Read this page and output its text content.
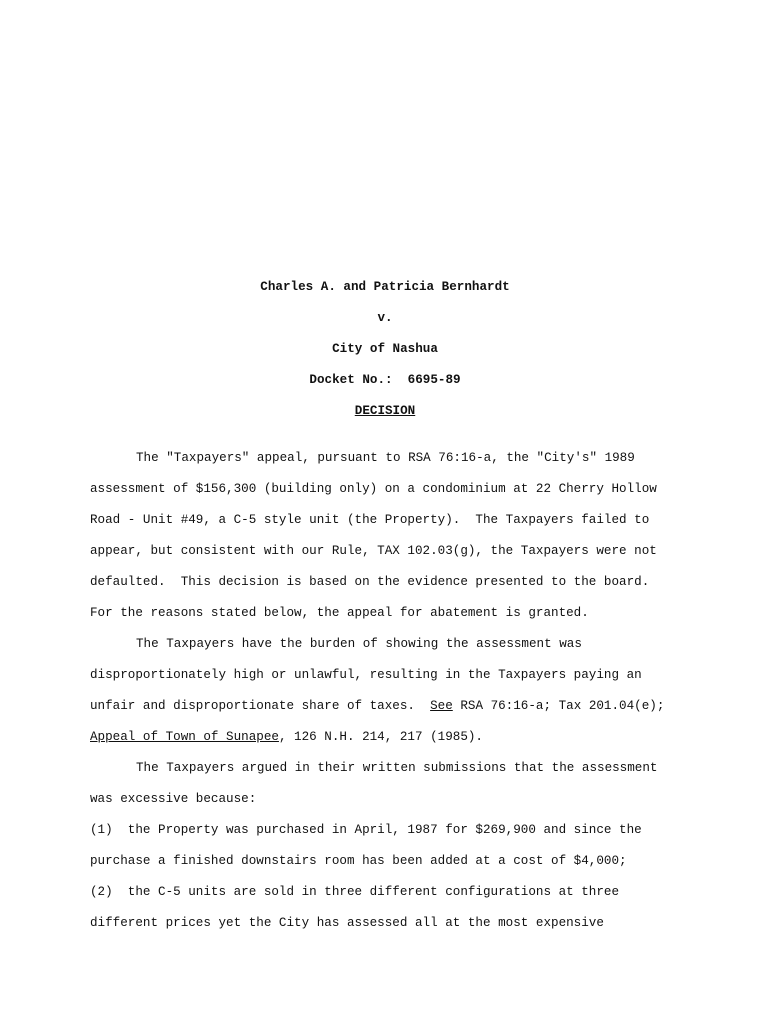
Charles A. and Patricia Bernhardt
v.
City of Nashua
Docket No.:  6695-89
DECISION
The "Taxpayers" appeal, pursuant to RSA 76:16-a, the "City's" 1989
assessment of $156,300 (building only) on a condominium at 22 Cherry Hollow
Road - Unit #49, a C-5 style unit (the Property).  The Taxpayers failed to
appear, but consistent with our Rule, TAX 102.03(g), the Taxpayers were not
defaulted.  This decision is based on the evidence presented to the board.
For the reasons stated below, the appeal for abatement is granted.
The Taxpayers have the burden of showing the assessment was
disproportionately high or unlawful, resulting in the Taxpayers paying an
unfair and disproportionate share of taxes.  See RSA 76:16-a; Tax 201.04(e);
Appeal of Town of Sunapee, 126 N.H. 214, 217 (1985).
The Taxpayers argued in their written submissions that the assessment
was excessive because:
(1)  the Property was purchased in April, 1987 for $269,900 and since the
purchase a finished downstairs room has been added at a cost of $4,000;
(2)  the C-5 units are sold in three different configurations at three
different prices yet the City has assessed all at the most expensive
